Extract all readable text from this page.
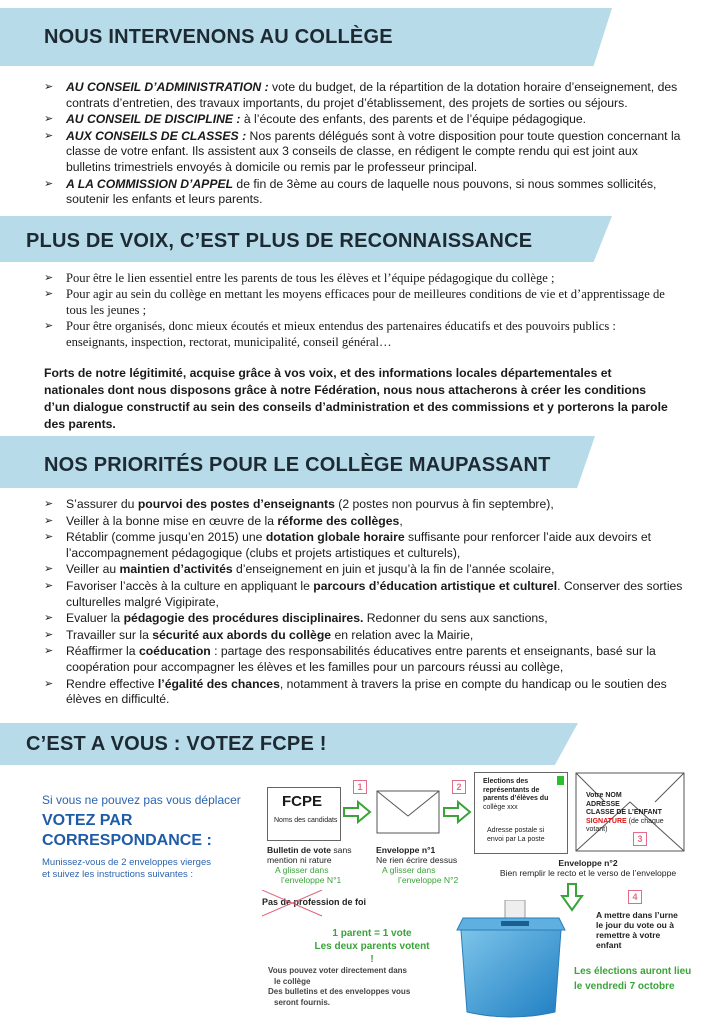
NOUS INTERVENONS AU COLLÈGE
➢ AU CONSEIL D’ADMINISTRATION : vote du budget, de la répartition de la dotation horaire d’enseignement, des contrats d’entretien, des travaux importants, du projet d’établissement, des projets de sorties ou séjours.
➢ AU CONSEIL DE DISCIPLINE : à l’écoute des enfants, des parents et de l’équipe pédagogique.
➢ AUX CONSEILS DE CLASSES : Nos parents délégués sont à votre disposition pour toute question concernant la classe de votre enfant. Ils assistent aux 3 conseils de classe, en rédigent le compte rendu qui est joint aux bulletins trimestriels envoyés à domicile ou remis par le professeur principal.
➢ A LA COMMISSION D’APPEL de fin de 3ème au cours de laquelle nous pouvons, si nous sommes sollicités, soutenir les enfants et leurs parents.
PLUS DE VOIX, C’EST PLUS DE RECONNAISSANCE
➢ Pour être le lien essentiel entre les parents de tous les élèves et l’équipe pédagogique du collège ;
➢ Pour agir au sein du collège en mettant les moyens efficaces pour de meilleures conditions de vie et d’apprentissage de tous les jeunes ;
➢ Pour être organisés, donc mieux écoutés et mieux entendus des partenaires éducatifs et des pouvoirs publics : enseignants, inspection, rectorat, municipalité, conseil général…
Forts de notre légitimité, acquise grâce à vos voix, et des informations locales départementales et nationales dont nous disposons grâce à notre Fédération, nous nous attacherons à créer les conditions d’un dialogue constructif au sein des conseils d’administration et des commissions et y porterons la parole des parents.
NOS PRIORITÉS POUR LE COLLÈGE MAUPASSANT
➢ S’assurer du pourvoi des postes d’enseignants (2 postes non pourvus à fin septembre),
➢ Veiller à la bonne mise en œuvre de la réforme des collèges,
➢ Rétablir (comme jusqu’en 2015) une dotation globale horaire suffisante pour renforcer l’aide aux devoirs et l’accompagnement pédagogique (clubs et projets artistiques et culturels),
➢ Veiller au maintien d’activités d’enseignement en juin et jusqu’à la fin de l’année scolaire,
➢ Favoriser l’accès à la culture en appliquant le parcours d’éducation artistique et culturel. Conserver des sorties culturelles malgré Vigipirate,
➢ Evaluer la pédagogie des procédures disciplinaires. Redonner du sens aux sanctions,
➢ Travailler sur la sécurité aux abords du collège en relation avec la Mairie,
➢ Réaffirmer la coéducation : partage des responsabilités éducatives entre parents et enseignants, basé sur la coopération pour accompagner les élèves et les familles pour un parcours réussi au collège,
➢ Rendre effective l’égalité des chances, notamment à travers la prise en compte du handicap ou le soutien des élèves en difficulté.
C’EST A VOUS : VOTEZ FCPE !
Si vous ne pouvez pas vous déplacer
VOTEZ PAR
CORRESPONDANCE :
Munissez-vous de 2 enveloppes vierges
et suivez les instructions suivantes :
FCPE
Noms des candidats
Bulletin de vote sans
mention ni rature
A glisser dans
l’enveloppe N°1
Enveloppe n°1
Ne rien écrire dessus
A glisser dans
l’enveloppe N°2
Elections des
représentants de
parents d’élèves du
collège xxx
Adresse postale si
envoi par La poste
Votre NOM
ADRESSE
CLASSE DE L’ENFANT
SIGNATURE (de chaque
votant)
Enveloppe n°2
Bien remplir le recto et le verso de l’enveloppe
1	2
3
4
Pas de profession de foi
1 parent = 1 vote
Les deux parents votent !
Vous pouvez voter directement dans
le collège
Des bulletins et des enveloppes vous
seront fournis.
A mettre dans l’urne
le jour du vote ou à
remettre à votre
enfant
Les élections auront lieu
le vendredi 7 octobre
